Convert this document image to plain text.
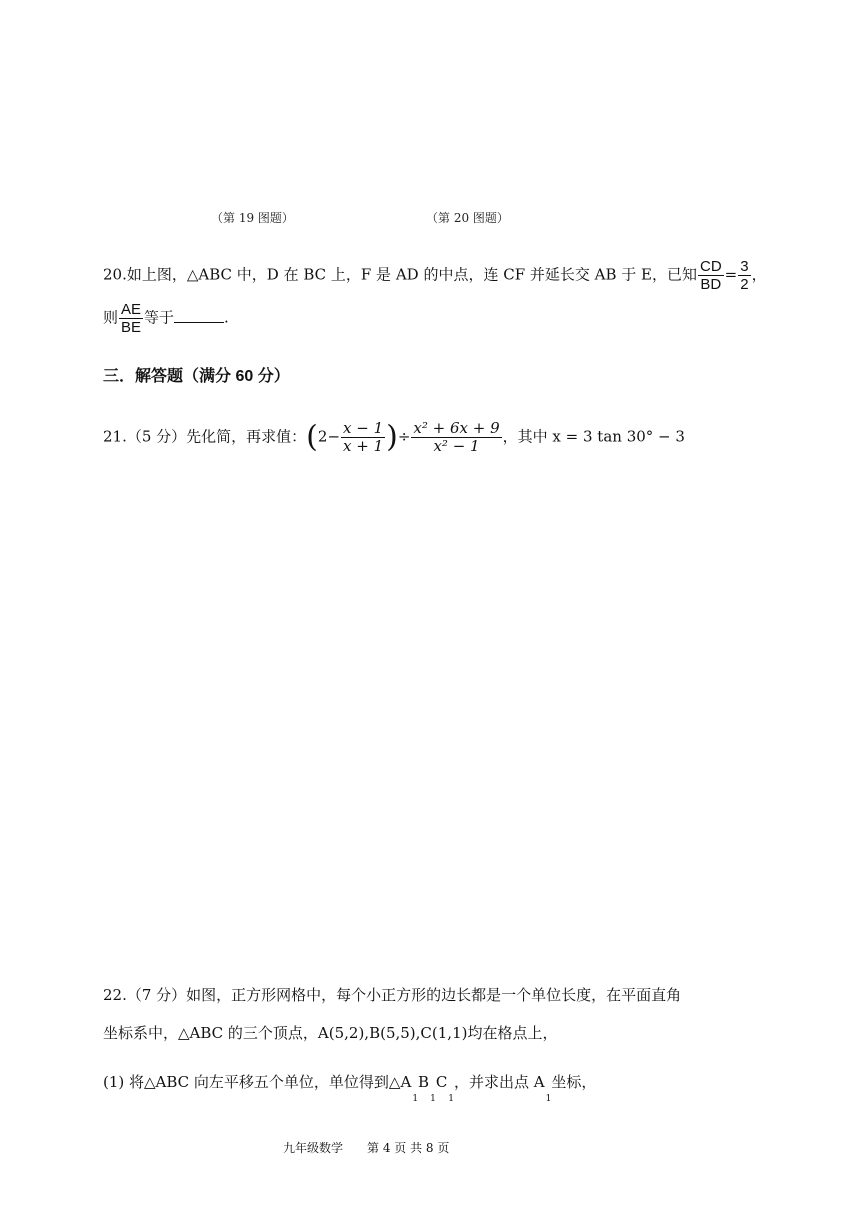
（第 19 图题）	（第 20 图题）
20.如上图，△ABC 中，D 在 BC 上，F 是 AD 的中点，连 CF 并延长交 AB 于 E，已知 $\frac{CD}{BD} = \frac{3}{2}$ ，
则 $\frac{AE}{BE}$ 等于	.
三．解答题（满分 60 分）
21.（5 分）先化简，再求值：($2- \frac{x - 1}{x + 1}$ )÷ $\frac{\text{x² + 6x + 9}}{\text{x² − 1}}$ ，其中 x = 3 tan 30° − 3
22.（7 分）如图，正方形网格中，每个小正方形的边长都是一个单位长度，在平面直角
坐标系中，△ABC 的三个顶点，A(5,2),B(5,5),C(1,1)均在格点上，
(1) 将△ABC 向左平移五个单位，单位得到$\triangle A_1B_1C_1$，并求出点 $A_1$坐标，
九年级数学　　第 4 页 共 8 页
